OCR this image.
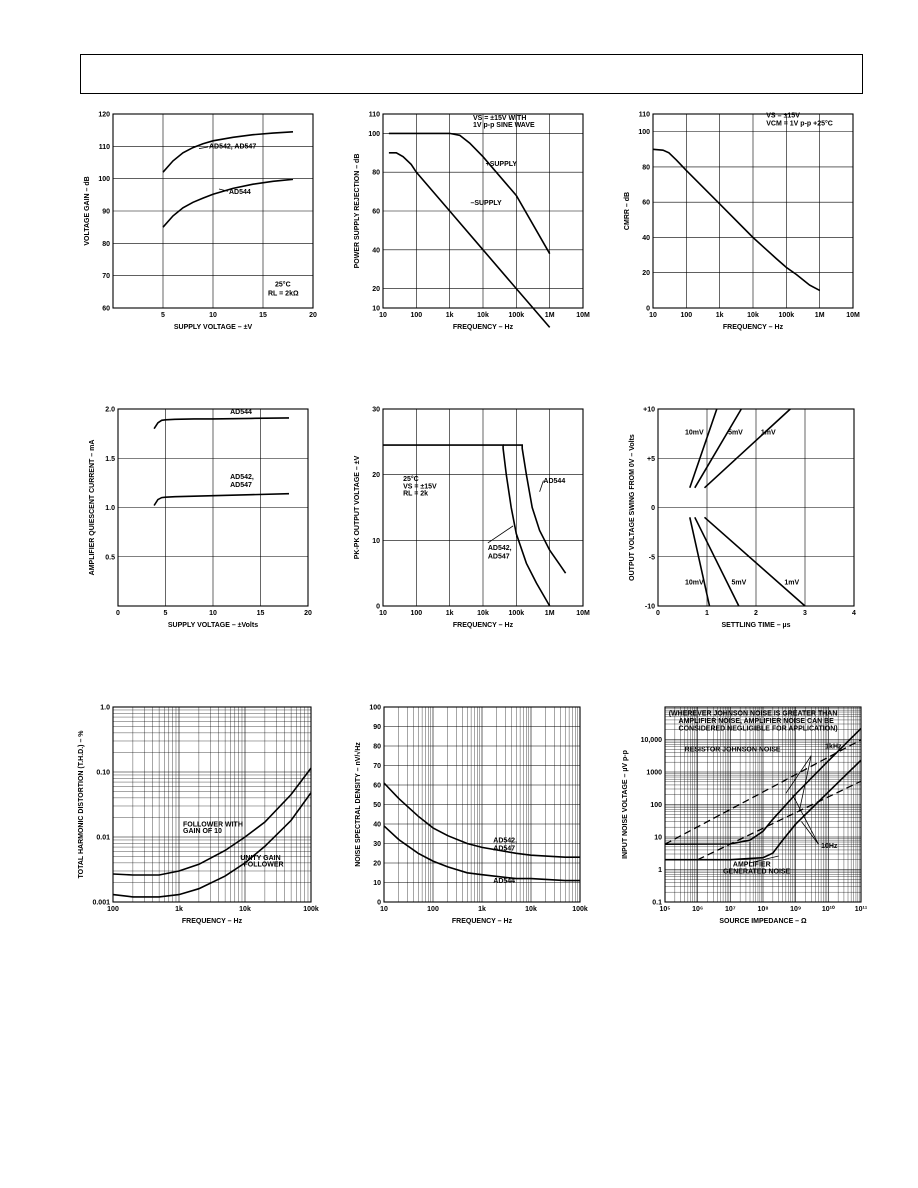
5	10	15	20
60
70
80
90
100
110
120
SUPPLY VOLTAGE – ±V
VOLTAGE GAIN – dB
AD542, AD547
AD544
25°C
RL = 2kΩ
10	100	1k	10k	100k	1M	10M
10
20
40
60
80
100
110
FREQUENCY – Hz
POWER SUPPLY REJECTION – dB
VS = ±15V WITH
1V p-p SINE WAVE
+SUPPLY
–SUPPLY
10	100	1k	10k	100k	1M	10M
0
20
40
60
80
100
110
FREQUENCY – Hz
CMRR – dB
VS = ±15V
VCM = 1V p-p +25°C
0	5	10	15	20
0.5
1.0
1.5
2.0
SUPPLY VOLTAGE – ±Volts
AMPLIFIER QUIESCENT CURRENT – mA
AD544
AD542,
AD547
10	100	1k	10k	100k	1M	10M
0
10
20
30
FREQUENCY – Hz
PK-PK OUTPUT VOLTAGE – ±V	25°C
VS = ±15V
RL = 2k
AD544
AD542,
AD547
0	1	2	3	4
-10
-5
0
+5
+10
SETTLING TIME – µs
OUTPUT VOLTAGE SWING FROM 0V – Volts
10mV	5mV	1mV
10mV	5mV	1mV
100	1k	10k	100k
0.001
0.01
0.10
1.0
FREQUENCY – Hz
TOTAL HARMONIC DISTORTION (T.H.D.) – %	FOLLOWER WITH
GAIN OF 10
UNITY GAIN
FOLLOWER
10	100	1k	10k	100k
0
10
20
30
40
50
60
70
80
90
100
FREQUENCY – Hz
NOISE SPECTRAL DENSITY – nV/√Hz	AD542,
AD547
AD544
10⁵	10⁶	10⁷	10⁸	10⁹	10¹⁰	10¹¹
0.1
1
10
100
1000
10,000
SOURCE IMPEDANCE – Ω
INPUT NOISE VOLTAGE – µV p-p
(WHEREVER JOHNSON NOISE IS GREATER THAN
AMPLIFIER NOISE, AMPLIFIER NOISE CAN BE
CONSIDERED NEGLIGIBLE FOR APPLICATION)
1kHz
RESISTOR JOHNSON NOISE
10Hz
AMPLIFIER
GENERATED NOISE
